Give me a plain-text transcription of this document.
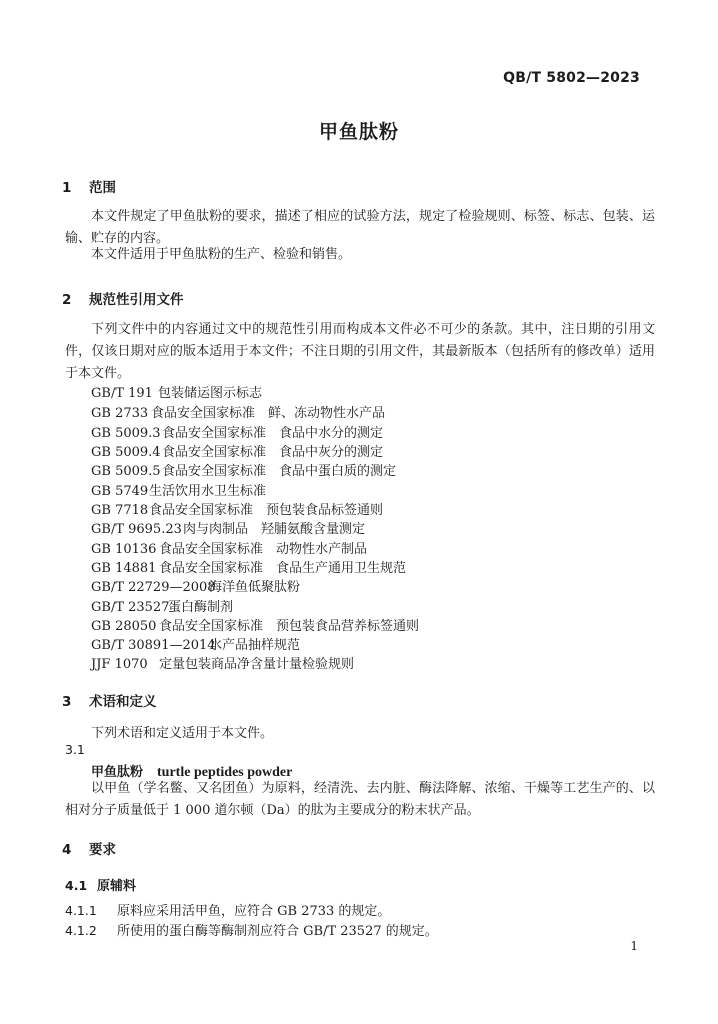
QB/T 5802—2023
甲鱼肽粉
1 范围
本文件规定了甲鱼肽粉的要求，描述了相应的试验方法，规定了检验规则、标签、标志、包装、运输、贮存的内容。
本文件适用于甲鱼肽粉的生产、检验和销售。
2 规范性引用文件
下列文件中的内容通过文中的规范性引用而构成本文件必不可少的条款。其中，注日期的引用文件，仅该日期对应的版本适用于本文件；不注日期的引用文件，其最新版本（包括所有的修改单）适用于本文件。
GB/T 191 包装储运图示标志
GB 2733 食品安全国家标准　鲜、冻动物性水产品
GB 5009.3食品安全国家标准　食品中水分的测定
GB 5009.4食品安全国家标准　食品中灰分的测定
GB 5009.5食品安全国家标准　食品中蛋白质的测定
GB 5749生活饮用水卫生标准
GB 7718食品安全国家标准　预包装食品标签通则
GB/T 9695.23肉与肉制品　羟脯氨酸含量测定
GB 10136 食品安全国家标准　动物性水产制品
GB 14881 食品安全国家标准　食品生产通用卫生规范
GB/T 22729—2008海洋鱼低聚肽粉
GB/T 23527蛋白酶制剂
GB 28050 食品安全国家标准　预包装食品营养标签通则
GB/T 30891—2014水产品抽样规范
JJF 1070 定量包装商品净含量计量检验规则
3 术语和定义
下列术语和定义适用于本文件。
3.1
甲鱼肽粉 turtle peptides powder
以甲鱼（学名鳖、又名团鱼）为原料，经清洗、去内脏、酶法降解、浓缩、干燥等工艺生产的、以相对分子质量低于 1 000 道尔顿（Da）的肽为主要成分的粉末状产品。
4 要求
4.1 原辅料
4.1.1 原料应采用活甲鱼，应符合 GB 2733 的规定。
4.1.2 所使用的蛋白酶等酶制剂应符合 GB/T 23527 的规定。
1
